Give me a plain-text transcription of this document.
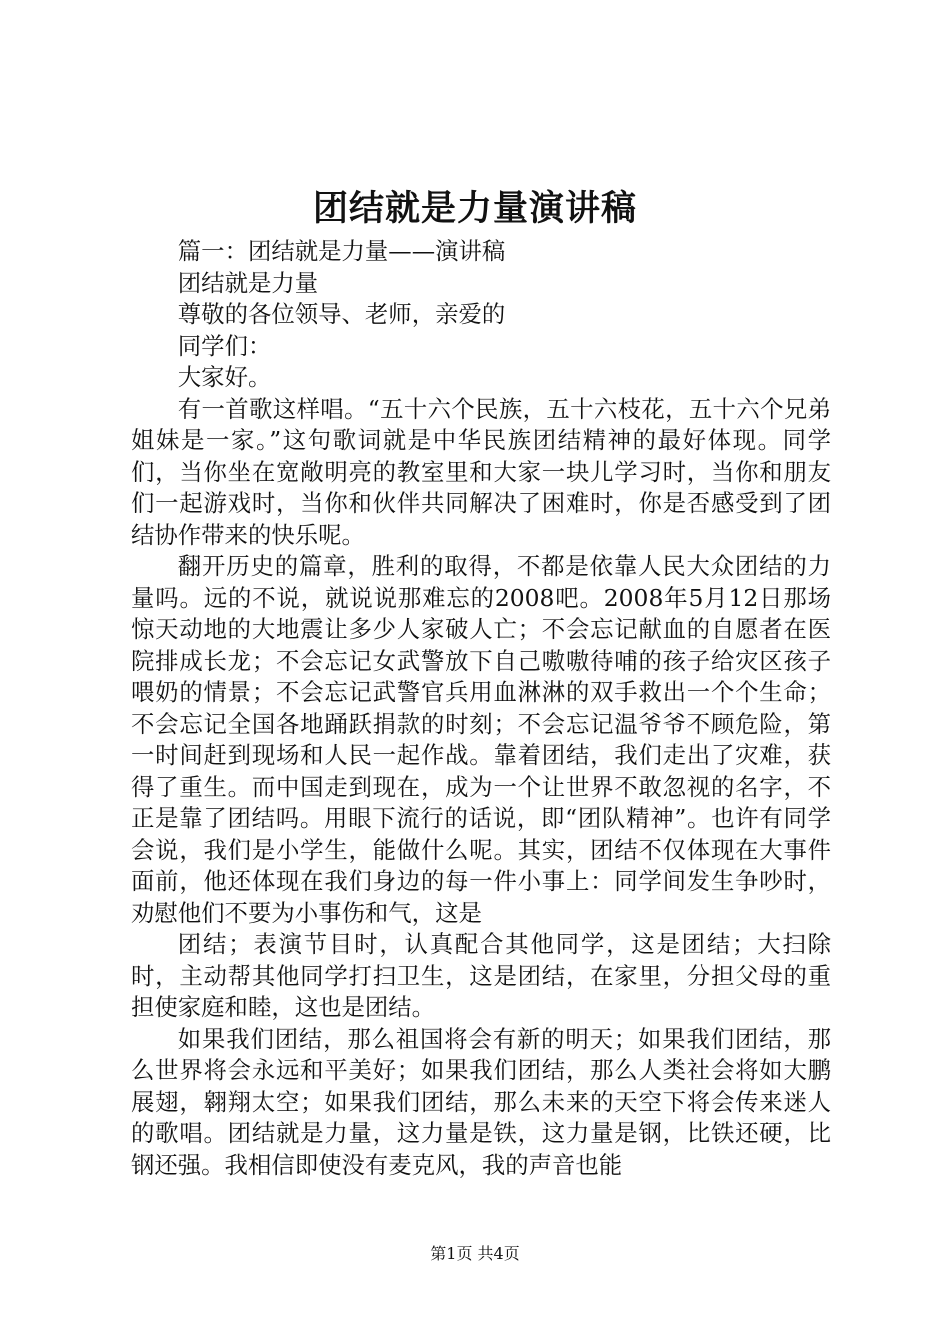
团结就是力量演讲稿

篇一：团结就是力量——演讲稿

团结就是力量

尊敬的各位领导、老师，亲爱的

同学们：

大家好。

有一首歌这样唱。“五十六个民族，五十六枝花，五十六个兄弟姐妹是一家。”这句歌词就是中华民族团结精神的最好体现。同学们，当你坐在宽敞明亮的教室里和大家一块儿学习时，当你和朋友们一起游戏时，当你和伙伴共同解决了困难时，你是否感受到了团结协作带来的快乐呢。

翻开历史的篇章，胜利的取得，不都是依靠人民大众团结的力量吗。远的不说，就说说那难忘的2008吧。2008年5月12日那场惊天动地的大地震让多少人家破人亡；不会忘记献血的自愿者在医院排成长龙；不会忘记女武警放下自己嗷嗷待哺的孩子给灾区孩子喂奶的情景；不会忘记武警官兵用血淋淋的双手救出一个个生命；不会忘记全国各地踊跃捐款的时刻；不会忘记温爷爷不顾危险，第一时间赶到现场和人民一起作战。靠着团结，我们走出了灾难，获得了重生。而中国走到现在，成为一个让世界不敢忽视的名字，不正是靠了团结吗。用眼下流行的话说，即“团队精神”。也许有同学会说，我们是小学生，能做什么呢。其实，团结不仅体现在大事件面前，他还体现在我们身边的每一件小事上：同学间发生争吵时，劝慰他们不要为小事伤和气，这是

团结；表演节目时，认真配合其他同学，这是团结；大扫除时，主动帮其他同学打扫卫生，这是团结，在家里，分担父母的重担使家庭和睦，这也是团结。

如果我们团结，那么祖国将会有新的明天；如果我们团结，那么世界将会永远和平美好；如果我们团结，那么人类社会将如大鹏展翅，翱翔太空；如果我们团结，那么未来的天空下将会传来迷人的歌唱。团结就是力量，这力量是铁，这力量是钢，比铁还硬，比钢还强。我相信即使没有麦克风，我的声音也能

第1页 共4页
